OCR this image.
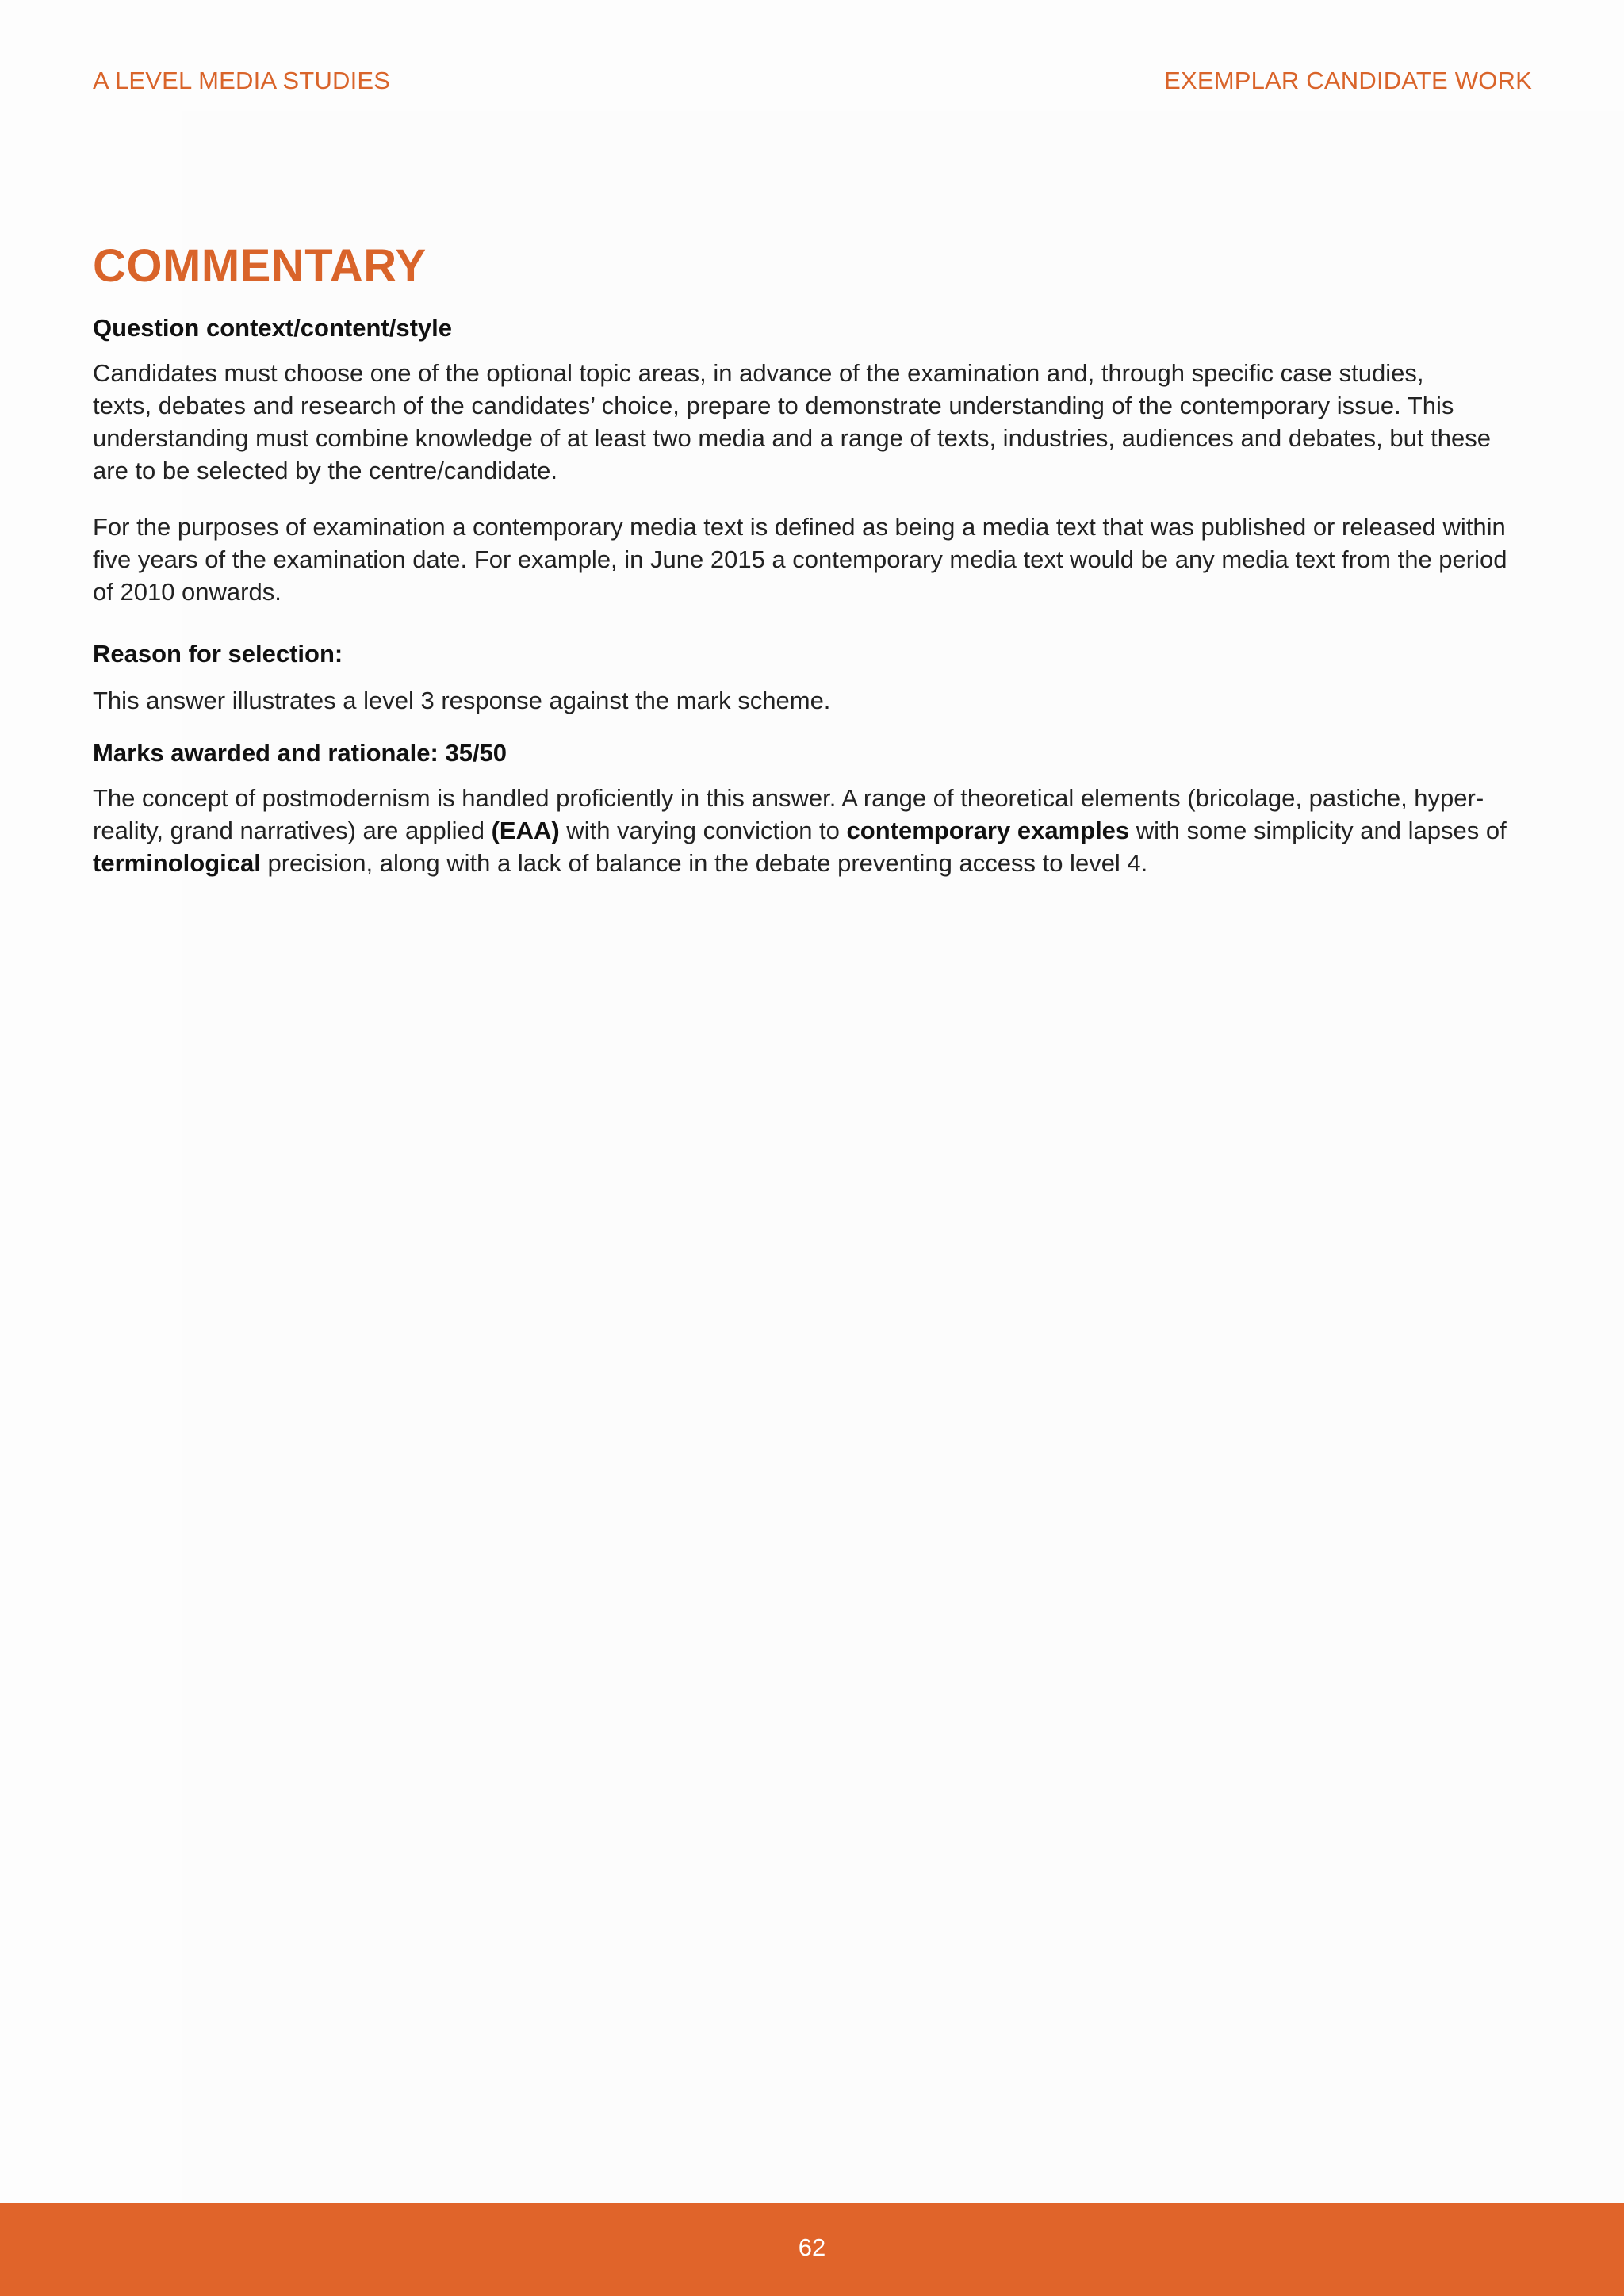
A LEVEL MEDIA STUDIES	EXEMPLAR CANDIDATE WORK
COMMENTARY

Question context/content/style

Candidates must choose one of the optional topic areas, in advance of the examination and, through specific case studies,
texts, debates and research of the candidates’ choice, prepare to demonstrate understanding of the contemporary issue. This
understanding must combine knowledge of at least two media and a range of texts, industries, audiences and debates, but these
are to be selected by the centre/candidate.

For the purposes of examination a contemporary media text is defined as being a media text that was published or released within
five years of the examination date. For example, in June 2015 a contemporary media text would be any media text from the period
of 2010 onwards.

Reason for selection:

This answer illustrates a level 3 response against the mark scheme.

Marks awarded and rationale: 35/50

The concept of postmodernism is handled proficiently in this answer. A range of theoretical elements (bricolage, pastiche, hyper-
reality, grand narratives) are applied (EAA) with varying conviction to contemporary examples with some simplicity and lapses of
terminological precision, along with a lack of balance in the debate preventing access to level 4.

62
